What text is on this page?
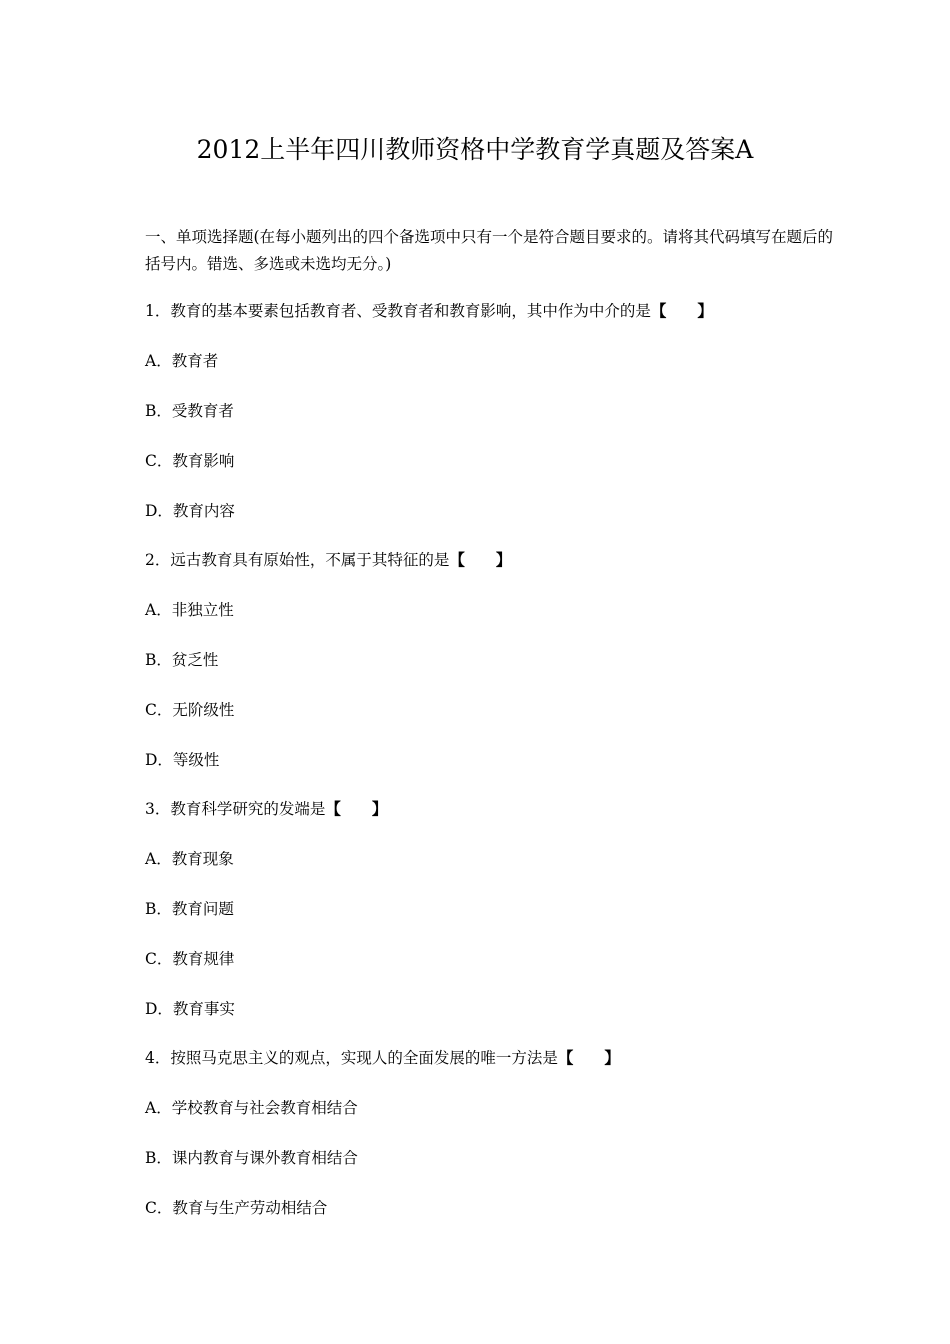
2012上半年四川教师资格中学教育学真题及答案A
一、单项选择题(在每小题列出的四个备选项中只有一个是符合题目要求的。请将其代码填写在题后的括号内。错选、多选或未选均无分。)
1．教育的基本要素包括教育者、受教育者和教育影响，其中作为中介的是【　　】
A．教育者
B．受教育者
C．教育影响
D．教育内容
2．远古教育具有原始性，不属于其特征的是【　　】
A．非独立性
B．贫乏性
C．无阶级性
D．等级性
3．教育科学研究的发端是【　　】
A．教育现象
B．教育问题
C．教育规律
D．教育事实
4．按照马克思主义的观点，实现人的全面发展的唯一方法是【　　】
A．学校教育与社会教育相结合
B．课内教育与课外教育相结合
C．教育与生产劳动相结合
